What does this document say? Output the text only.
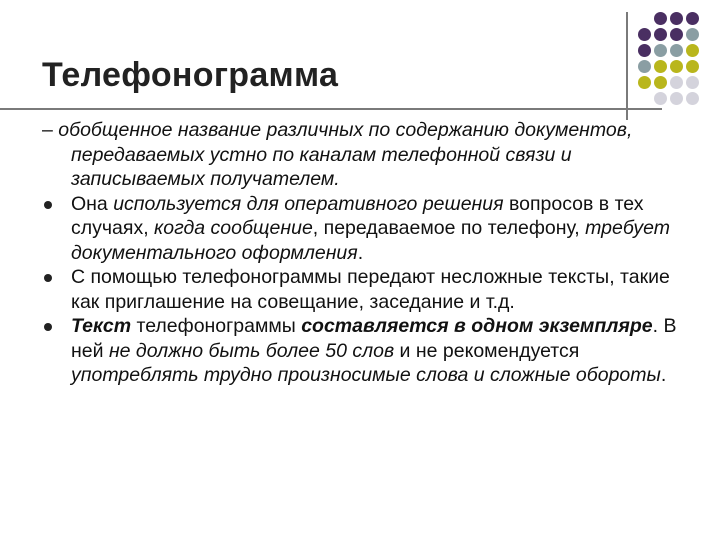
Телефонограмма

– обобщенное название различных по содержанию документов, передаваемых устно по каналам телефонной связи и записываемых получателем.

Она используется для оперативного решения вопросов в тех случаях, когда сообщение, передаваемое по телефону, требует документального оформления.

С помощью телефонограммы передают несложные тексты, такие как приглашение на совещание, заседание и т.д.

Текст телефонограммы составляется в одном экземпляре. В ней не должно быть более 50 слов и не рекомендуется употреблять трудно произносимые слова и сложные обороты.
